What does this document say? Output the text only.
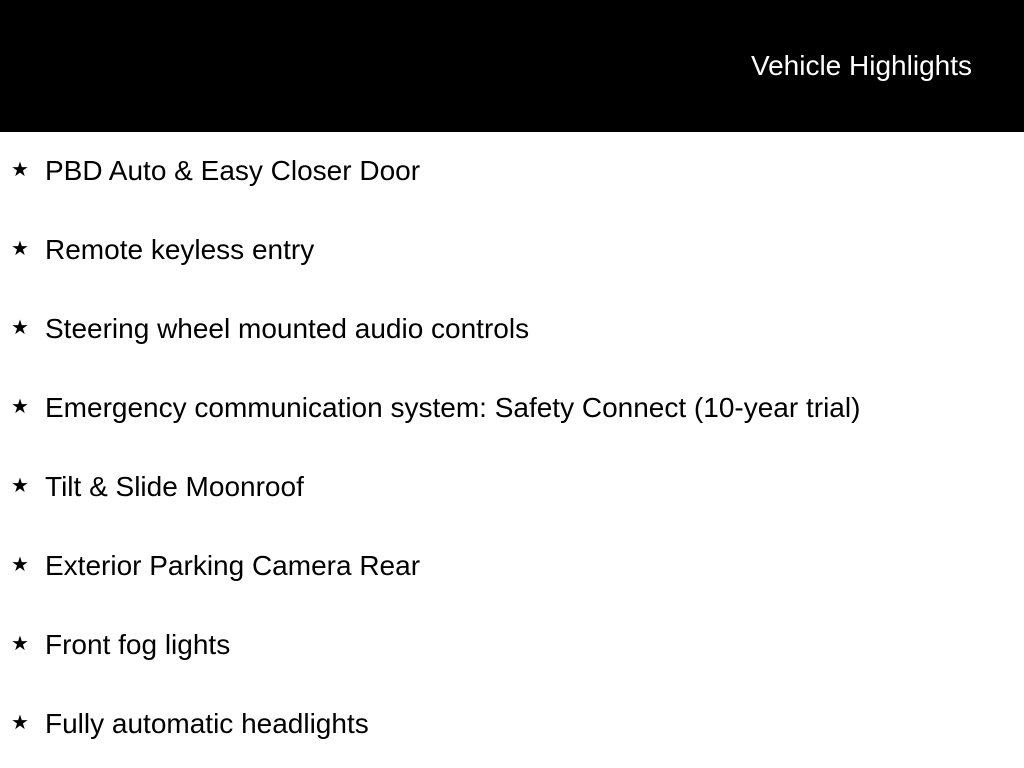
Vehicle Highlights
★ PBD Auto & Easy Closer Door
★ Remote keyless entry
★ Steering wheel mounted audio controls
★ Emergency communication system: Safety Connect (10-year trial)
★ Tilt & Slide Moonroof
★ Exterior Parking Camera Rear
★ Front fog lights
★ Fully automatic headlights
